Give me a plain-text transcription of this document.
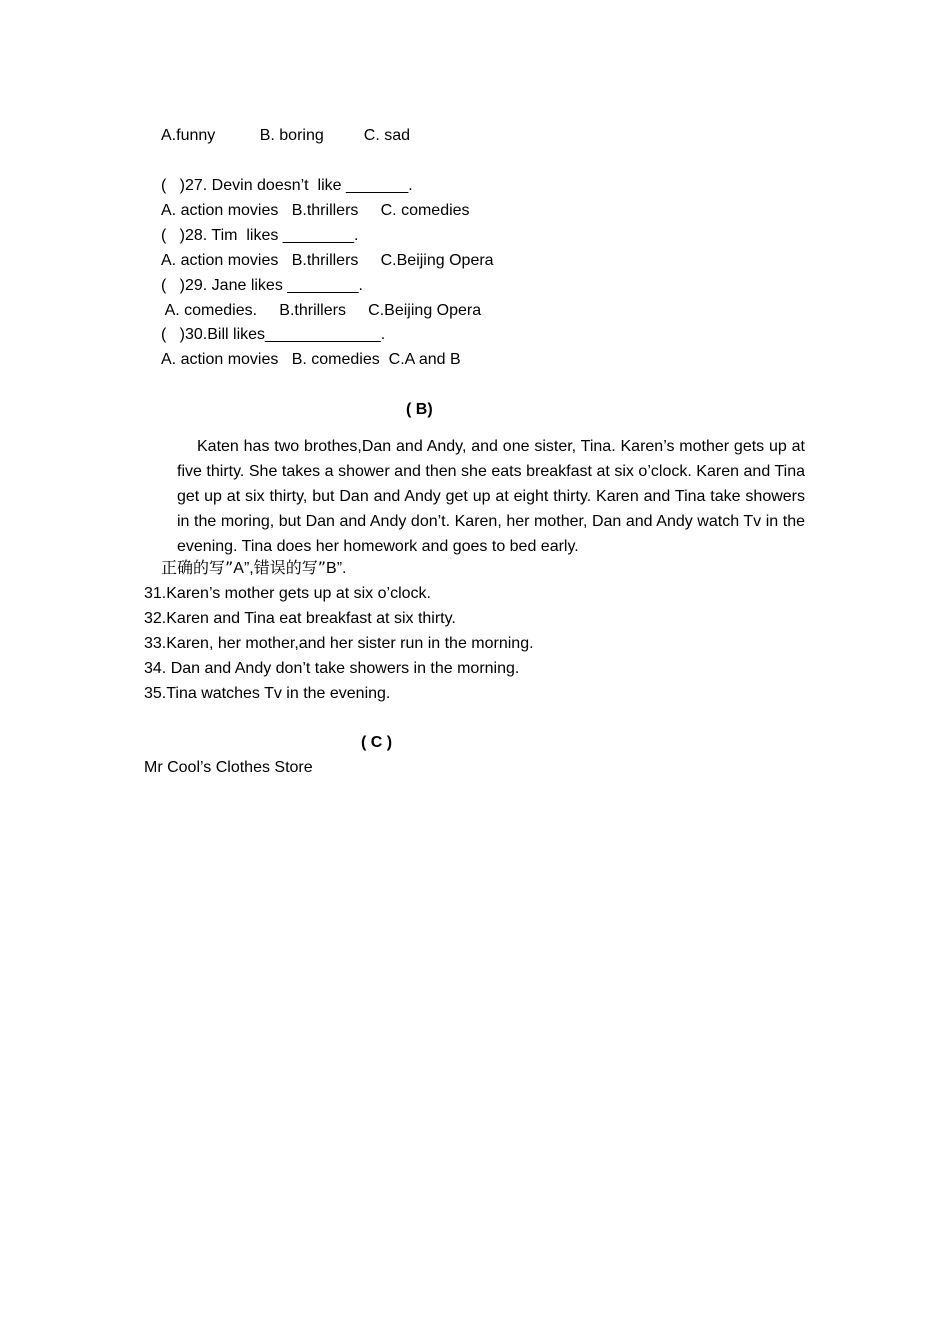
A.funny          B. boring         C. sad

(   )27. Devin doesn’t  like _______.

A. action movies   B.thrillers     C. comedies

(   )28. Tim  likes ________.

A. action movies   B.thrillers     C.Beijing Opera

(   )29. Jane likes ________.

A. comedies.     B.thrillers     C.Beijing Opera

(   )30.Bill likes_____________.

A. action movies   B. comedies  C.A and B

( B)

Katen has two brothes,Dan and Andy, and one sister, Tina. Karen’s mother gets up at five thirty. She takes a shower and then she eats breakfast at six o’clock. Karen and Tina get up at six thirty, but Dan and Andy get up at eight thirty. Karen and Tina take showers in the moring, but Dan and Andy don’t. Karen, her mother, Dan and Andy watch Tv in the evening. Tina does her homework and goes to bed early.

正确的写”A”,错误的写”B”.

31.Karen’s mother gets up at six o’clock.

32.Karen and Tina eat breakfast at six thirty.

33.Karen, her mother,and her sister run in the morning.

34. Dan and Andy don’t take showers in the morning.

35.Tina watches Tv in the evening.

( C )

Mr Cool’s Clothes Store
